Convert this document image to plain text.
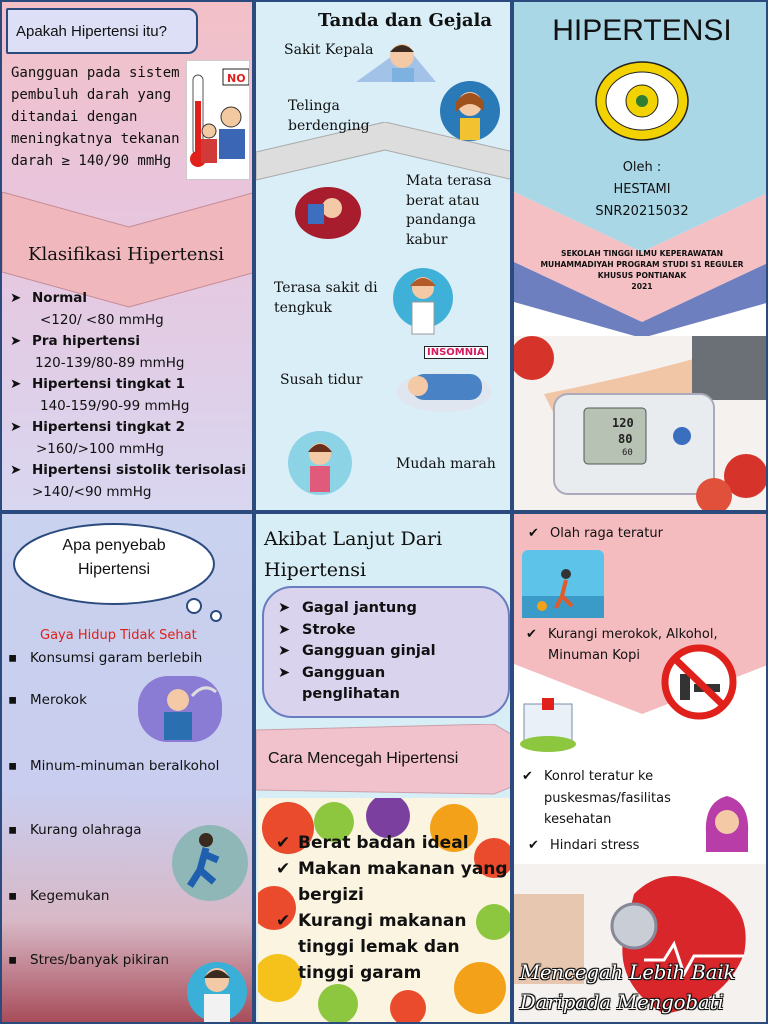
Apakah Hipertensi itu?
Gangguan pada sistem pembuluh darah yang ditandai dengan meningkatnya tekanan darah ≥ 140/90 mmHg
NO
Klasifikasi Hipertensi
➤ Normal
<120/ <80 mmHg
➤ Pra hipertensi
120-139/80-89 mmHg
➤ Hipertensi tingkat 1
140-159/90-99 mmHg
➤ Hipertensi tingkat 2
>160/>100 mmHg
➤ Hipertensi sistolik terisolasi
>140/<90 mmHg
Tanda dan Gejala
Sakit Kepala
Telinga berdenging
Mata terasa berat atau pandanga kabur
Terasa sakit di tengkuk
Susah tidur
INSOMNIA
Mudah marah
HIPERTENSI
Oleh :
HESTAMI
SNR20215032
SEKOLAH TINGGI ILMU KEPERAWATAN MUHAMMADIYAH PROGRAM STUDI S1 REGULER KHUSUS PONTIANAK
2021
120
80
60
Apa penyebab Hipertensi
Gaya Hidup Tidak Sehat
▪ Konsumsi garam berlebih
▪ Merokok
▪ Minum-minuman beralkohol
▪ Kurang olahraga
▪ Kegemukan
▪ Stres/banyak pikiran
Akibat Lanjut Dari Hipertensi
➤ Gagal jantung
➤ Stroke
➤ Gangguan ginjal
➤ Gangguan penglihatan
Cara Mencegah Hipertensi
✔ Berat badan ideal
✔ Makan makanan yang bergizi
✔ Kurangi makanan tinggi lemak dan tinggi garam
✔ Olah raga teratur
✔ Kurangi merokok, Alkohol, Minuman Kopi
✔ Konrol teratur ke puskesmas/fasilitas kesehatan
✔ Hindari stress
Mencegah Lebih Baik Daripada Mengobati
